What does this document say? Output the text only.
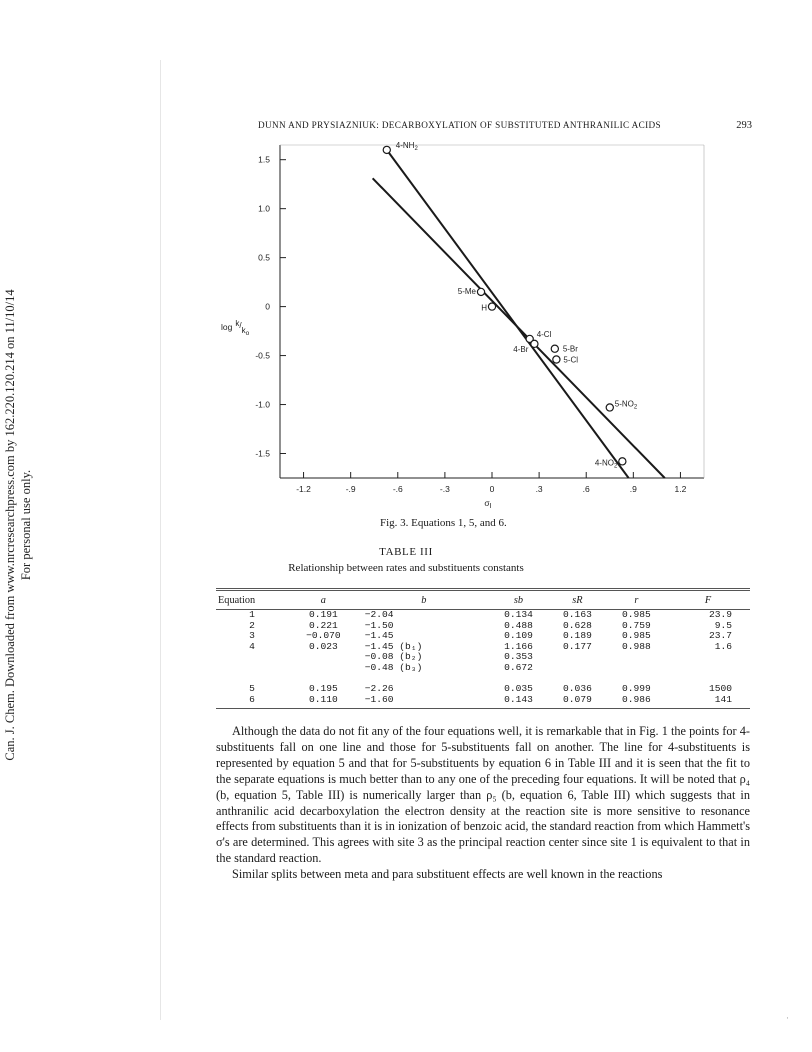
Can. J. Chem. Downloaded from www.nrcresearchpress.com by 162.220.120.214 on 11/10/14 For personal use only.
DUNN AND PRYSIAZNIUK: DECARBOXYLATION OF SUBSTITUTED ANTHRANILIC ACIDS	293
-1.2	-.9	-.6	-.3	0	.3	.6	.9	1.2
1.5
1.0
0.5
0
-0.5
-1.0
-1.5
$4-NH_2$
5-Me
H
4-Cl
4-Br	5-Br
5-Cl
$5-NO_2$
$4-NO_2$
$\log k/k_o$
$\sigma_I$
Fig. 3. Equations 1, 5, and 6.
TABLE III
Relationship between rates and substituents constants
Equation	a	b	sb	sR	r	F
1	0.191	−2.04	0.134	0.163	0.985	23.9
2	0.221	−1.50	0.488	0.628	0.759	9.5
3	−0.070	−1.45	0.109	0.189	0.985	23.7
4	0.023	−1.45 (b₁)	1.166	0.177	0.988	1.6
		−0.08 (b₂)	0.353			
		−0.48 (b₃)	0.672			

5	0.195	−2.26	0.035	0.036	0.999	1500
6	0.110	−1.60	0.143	0.079	0.986	141

Although the data do not fit any of the four equations well, it is remarkable that in Fig. 1 the points for 4-substituents fall on one line and those for 5-substituents fall on another. The line for 4-substituents is represented by equation 5 and that for 5-substituents by equation 6 in Table III and it is seen that the fit to the separate equations is much better than to any one of the preceding four equations. It will be noted that ρ₄ (b, equation 5, Table III) is numerically larger than ρ₅ (b, equation 6, Table III) which suggests that in anthranilic acid decarboxylation the electron density at the reaction site is more sensitive to resonance effects from substituents than it is in ionization of benzoic acid, the standard reaction from which Hammett's σ's are determined. This agrees with site 3 as the principal reaction center since site 1 is equivalent to that in the standard reaction.

Similar splits between meta and para substituent effects are well known in the reactions

·
